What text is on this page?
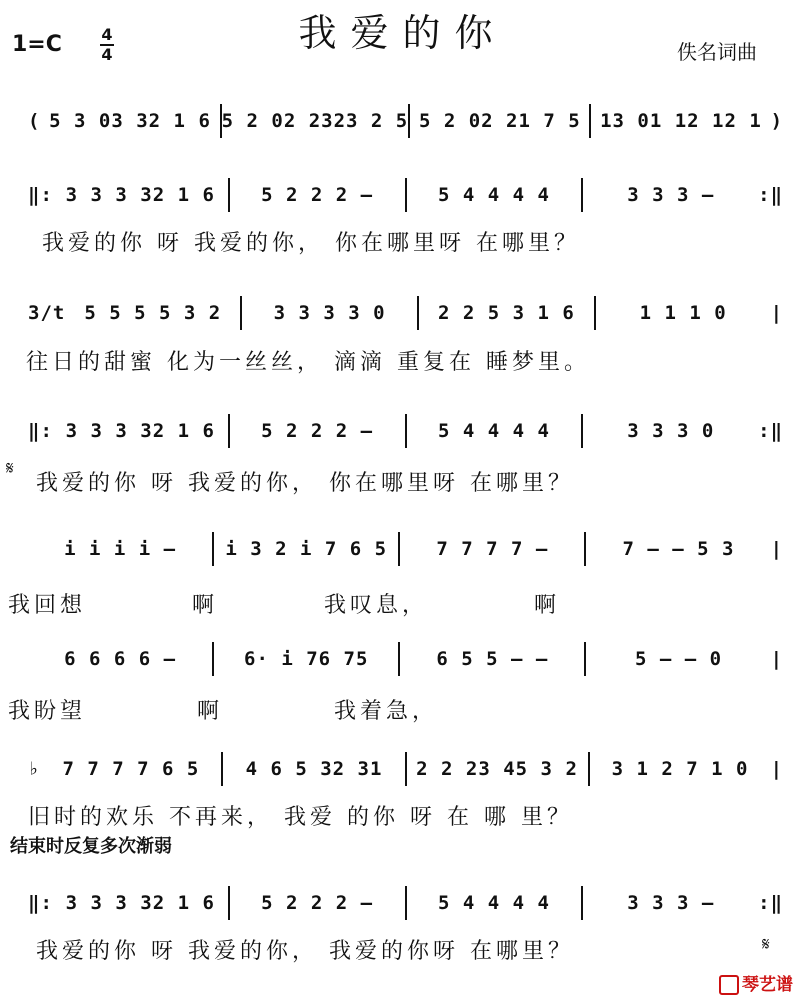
我爱的你
1=C 4
4	佚名词曲
( 5 3 03 32 1 6 5 2 02 2323 2 5 5 2 02 21 7 5	13 01 12 12 1 )
‖: 3 3 3 32 1 6	5 2 2 2 —	5 4 4 4 4	3 3 3 —	:‖
我爱的你 呀 我爱的你， 你在哪里呀 在哪里？
3/t 5 5 5 5 3 2	3 3 3 3 0	2 2 5 3 1 6	1 1 1 0	|
往日的甜蜜 化为一丝丝， 滴滴 重复在 睡梦里。
‖: 3 3 3 32 1 6	5 2 2 2 —	5 4 4 4 4	3 3 3 0	:‖
𝄋
我爱的你 呀 我爱的你， 你在哪里呀 在哪里？
i i i i —	i 3 2 i 7 6 5	7 7 7 7 —	7 — — 5 3	|
我回想 啊 我叹息， 啊
6 6 6 6 —	6· i 76 75	6 5 5 — —	5 — — 0	|
我盼望 啊 我着急，
♭	7 7 7 7 6 5	4 6 5 32 31	2 2 23 45 3 2	3 1 2 7 1 0	|
旧时的欢乐 不再来， 我爱 的你 呀 在 哪 里？
结束时反复多次渐弱
‖: 3 3 3 32 1 6	5 2 2 2 —	5 4 4 4 4	3 3 3 —	:‖
我爱的你 呀 我爱的你， 我爱的你呀 在哪里？	𝄋
琴艺谱
